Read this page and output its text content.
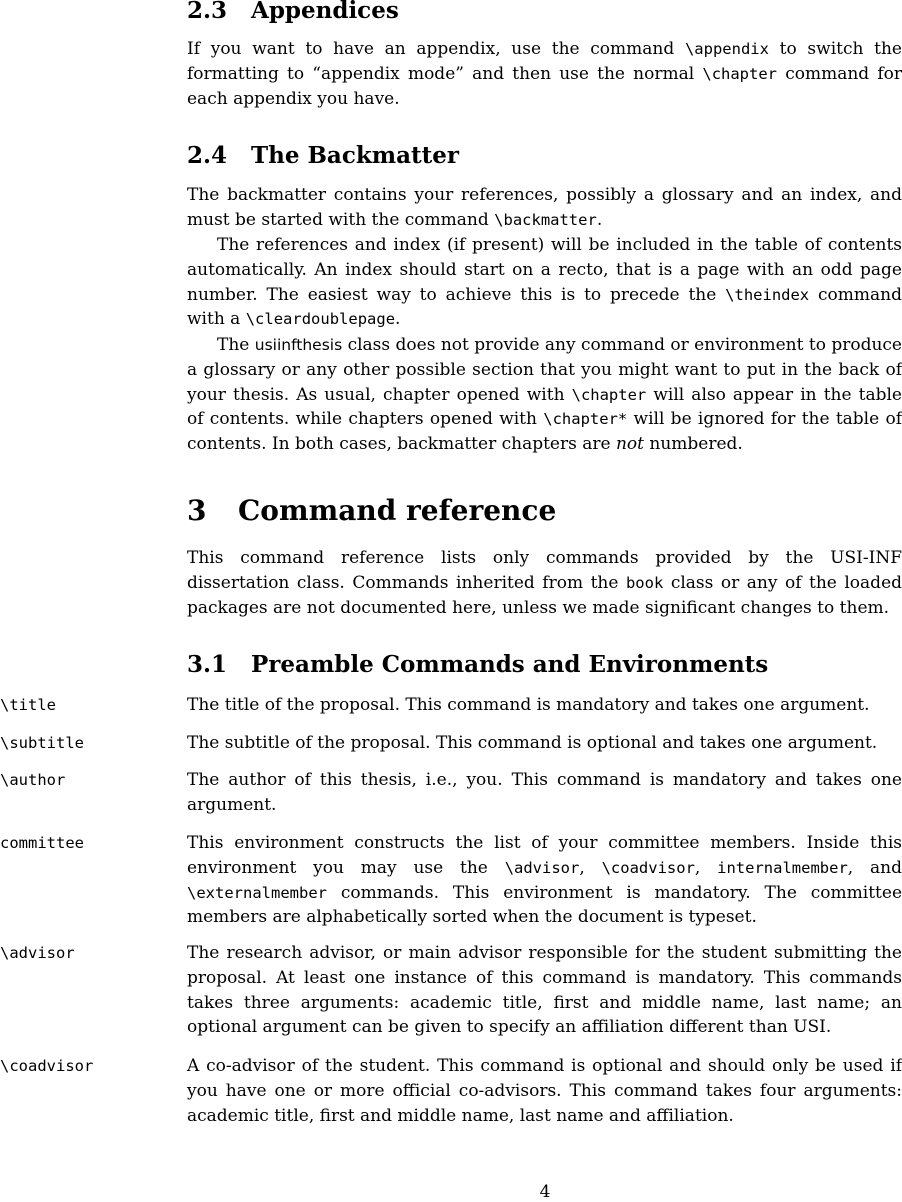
2.3 Appendices

If you want to have an appendix, use the command \appendix to switch the formatting to “appendix mode” and then use the normal \chapter command for each appendix you have.

2.4 The Backmatter

The backmatter contains your references, possibly a glossary and an index, and must be started with the command \backmatter.

The references and index (if present) will be included in the table of contents automatically. An index should start on a recto, that is a page with an odd page number. The easiest way to achieve this is to precede the \theindex command with a \cleardoublepage.

The usiinfthesis class does not provide any command or environment to produce a glossary or any other possible section that you might want to put in the back of your thesis. As usual, chapter opened with \chapter will also appear in the table of contents. while chapters opened with \chapter* will be ignored for the table of contents. In both cases, backmatter chapters are not numbered.

3 Command reference

This command reference lists only commands provided by the USI-INF dissertation class. Commands inherited from the book class or any of the loaded packages are not documented here, unless we made significant changes to them.

3.1 Preamble Commands and Environments
\title	The title of the proposal. This command is mandatory and takes one argument.

\subtitle	The subtitle of the proposal. This command is optional and takes one argument.

\author	The author of this thesis, i.e., you. This command is mandatory and takes one argument.

committee	This environment constructs the list of your committee members. Inside this environment you may use the \advisor, \coadvisor, internalmember, and \externalmember commands. This environment is mandatory. The committee members are alphabetically sorted when the document is typeset.

\advisor	The research advisor, or main advisor responsible for the student submitting the proposal. At least one instance of this command is mandatory. This commands takes three arguments: academic title, first and middle name, last name; an optional argument can be given to specify an affiliation different than USI.

\coadvisor	A co-advisor of the student. This command is optional and should only be used if you have one or more official co-advisors. This command takes four arguments: academic title, first and middle name, last name and affiliation.

4
